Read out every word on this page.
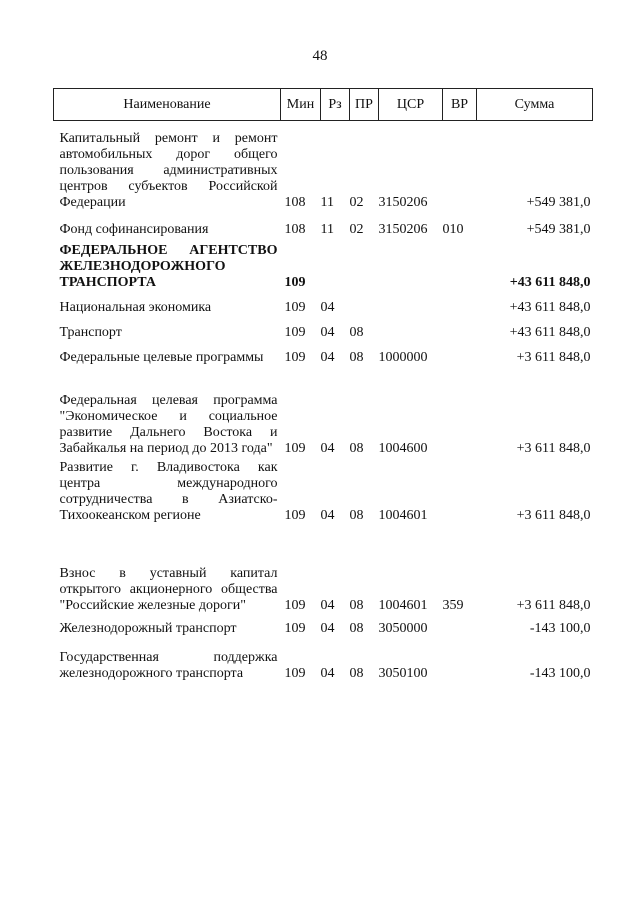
48
Наименование	Мин	Рз	ПР	ЦСР	ВР	Сумма
Капитальный ремонт и ремонт автомобильных дорог общего пользования административных центров субъектов Российской Федерации	108	11	02	3150206		+549 381,0
Фонд софинансирования	108	11	02	3150206	010	+549 381,0
ФЕДЕРАЛЬНОЕ АГЕНТСТВО ЖЕЛЕЗНОДОРОЖНОГО ТРАНСПОРТА	109					+43 611 848,0
Национальная экономика	109	04				+43 611 848,0
Транспорт	109	04	08			+43 611 848,0
Федеральные целевые программы	109	04	08	1000000		+3 611 848,0
Федеральная целевая программа "Экономическое и социальное развитие Дальнего Востока и Забайкалья на период до 2013 года"	109	04	08	1004600		+3 611 848,0
Развитие г. Владивостока как центра международного сотрудничества в Азиатско-Тихоокеанском регионе	109	04	08	1004601		+3 611 848,0
Взнос в уставный капитал открытого акционерного общества "Российские железные дороги"	109	04	08	1004601	359	+3 611 848,0
Железнодорожный транспорт	109	04	08	3050000		-143 100,0
Государственная поддержка железнодорожного транспорта	109	04	08	3050100		-143 100,0
